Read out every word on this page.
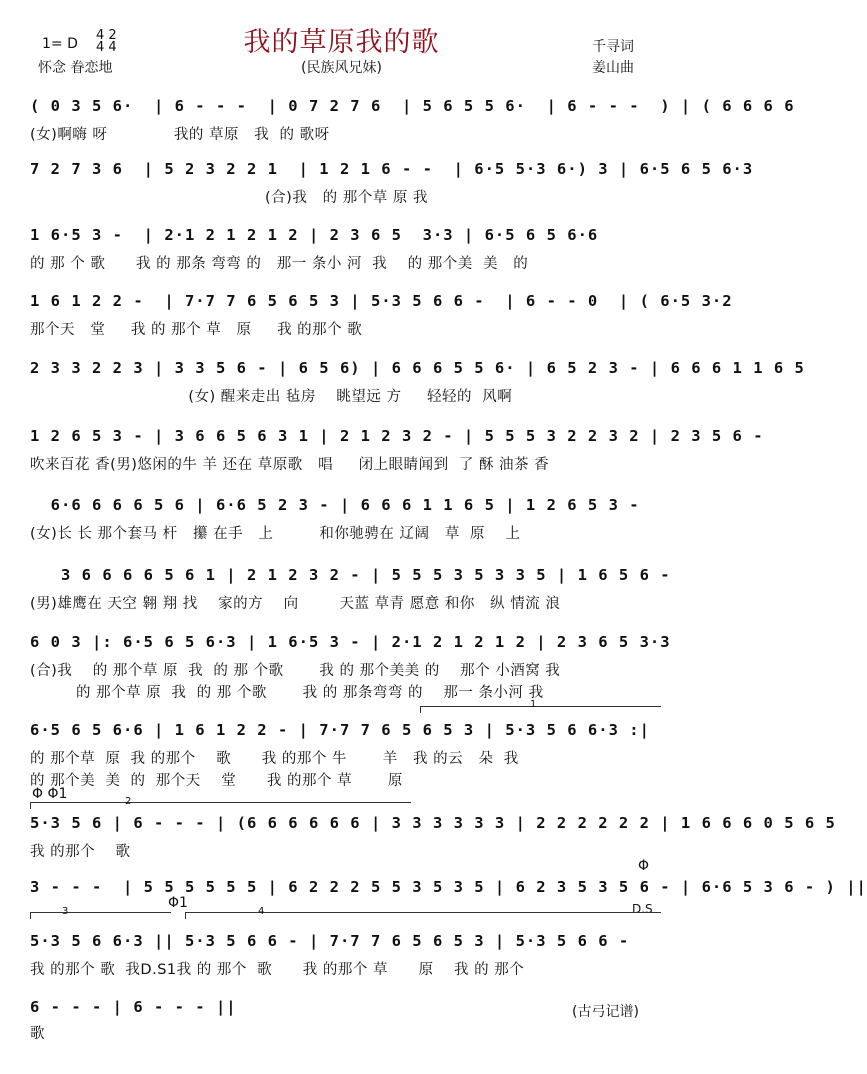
1= D
4 2
4 4
怀念 眷恋地
我的草原我的歌
(民族风兄妹)
千寻词
姜山曲
( 0 3 5 6·  | 6 - - -  | 0 7 2 7 6  | 5 6 5 5 6·  | 6 - - -  ) | ( 6 6 6 6
(女)啊嗨 呀             我的 草原   我  的 歌呀
7 2 7 3 6  | 5 2 3 2 2 1  | 1 2 1 6 - -  | 6·5 5·3 6·) 3 | 6·5 6 5 6·3
(合)我   的 那个草 原 我
1 6·5 3 -  | 2·1 2 1 2 1 2 | 2 3 6 5  3·3 | 6·5 6 5 6·6
的 那 个 歌      我 的 那条 弯弯 的   那一 条小 河  我    的 那个美  美   的
1 6 1 2 2 -  | 7·7 7 6 5 6 5 3 | 5·3 5 6 6 -  | 6 - - 0  | ( 6·5 3·2
那个天   堂     我 的 那个 草   原     我 的那个 歌
2 3 3 2 2 3 | 3 3 5 6 - | 6 5 6) | 6 6 6 5 5 6· | 6 5 2 3 - | 6 6 6 1 1 6 5
(女) 醒来走出 毡房    眺望远 方     轻轻的  风啊
1 2 6 5 3 - | 3 6 6 5 6 3 1 | 2 1 2 3 2 - | 5 5 5 3 2 2 3 2 | 2 3 5 6 -
吹来百花 香(男)悠闲的牛 羊 还在 草原歌   唱     闭上眼睛闻到  了 酥 油茶 香
6·6 6 6 6 5 6 | 6·6 5 2 3 - | 6 6 6 1 1 6 5 | 1 2 6 5 3 -
(女)长 长 那个套马 杆   攥 在手   上         和你驰骋在 辽阔   草  原    上
3 6 6 6 6 5 6 1 | 2 1 2 3 2 - | 5 5 5 3 5 3 3 5 | 1 6 5 6 -
(男)雄鹰在 天空 翱 翔 找    家的方    向        天蓝 草青 愿意 和你   纵 情流 浪
6 0 3 |: 6·5 6 5 6·3 | 1 6·5 3 - | 2·1 2 1 2 1 2 | 2 3 6 5 3·3
(合)我    的 那个草 原  我  的 那 个歌       我 的 那个美美 的    那个 小酒窝 我
的 那个草 原  我  的 那 个歌       我 的 那条弯弯 的    那一 条小河 我
6·5 6 5 6·6 | 1 6 1 2 2 - | 7·7 7 6 5 6 5 3 | 5·3 5 6 6·3 :|
的 那个草  原  我 的那个    歌      我 的那个 牛       羊   我 的云   朵  我
的 那个美  美  的  那个天    堂      我 的那个 草       原
Φ Φ1	2
1
5·3 5 6 | 6 - - - | (6 6 6 6 6 6 | 3 3 3 3 3 3 | 2 2 2 2 2 2 | 1 6 6 6 0 5 6 5
我 的那个    歌
Φ
3 - - -  | 5 5 5 5 5 5 | 6 2 2 2 5 5 3 5 3 5 | 6 2 3 5 3 5 6 - | 6·6 5 3 6 - ) ||
D.S
3
Φ1
4
5·3 5 6 6·3 || 5·3 5 6 6 - | 7·7 7 6 5 6 5 3 | 5·3 5 6 6 -
我 的那个 歌  我D.S1我 的 那个  歌      我 的那个 草      原    我 的 那个
6 - - - | 6 - - - ||
歌
(古弓记谱)
